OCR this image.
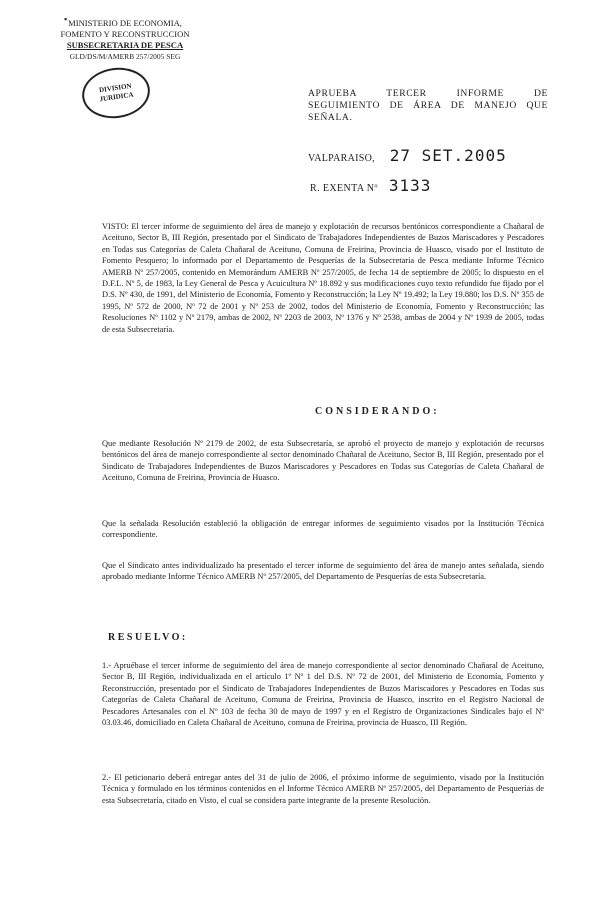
▪ MINISTERIO DE ECONOMIA,
FOMENTO Y RECONSTRUCCION
SUBSECRETARIA DE PESCA
GLD/DS/M/AMERB 257/2005 SEG
DIVISION
JURIDICA	APRUEBA TERCER INFORME DE
SEGUIMIENTO DE ÁREA DE MANEJO QUE
SEÑALA.
VALPARAISO, 27 SET.2005
R. EXENTA Nº 3133

VISTO: El tercer informe de seguimiento del área de manejo y explotación de recursos bentónicos correspondiente a Chañaral de Aceituno, Sector B, III Región, presentado por el Sindicato de Trabajadores Independientes de Buzos Mariscadores y Pescadores en Todas sus Categorías de Caleta Chañaral de Aceituno, Comuna de Freirina, Provincia de Huasco, visado por el Instituto de Fomento Pesquero; lo informado por el Departamento de Pesquerías de la Subsecretaría de Pesca mediante Informe Técnico AMERB Nº 257/2005, contenido en Memorándum AMERB Nº 257/2005, de fecha 14 de septiembre de 2005; lo dispuesto en el D.F.L. Nº 5, de 1983, la Ley General de Pesca y Acuicultura Nº 18.892 y sus modificaciones cuyo texto refundido fue fijado por el D.S. Nº 430, de 1991, del Ministerio de Economía, Fomento y Reconstrucción; la Ley Nº 19.492; la Ley 19.880; los D.S. Nº 355 de 1995, Nº 572 de 2000, Nº 72 de 2001 y Nº 253 de 2002, todos del Ministerio de Economía, Fomento y Reconstrucción; las Resoluciones Nº 1102 y Nº 2179, ambas de 2002, Nº 2203 de 2003, Nº 1376 y Nº 2538, ambas de 2004 y Nº 1939 de 2005, todas de esta Subsecretaría.

CONSIDERANDO:

Que mediante Resolución Nº 2179 de 2002, de esta Subsecretaría, se aprobó el proyecto de manejo y explotación de recursos bentónicos del área de manejo correspondiente al sector denominado Chañaral de Aceituno, Sector B, III Región, presentado por el Sindicato de Trabajadores Independientes de Buzos Mariscadores y Pescadores en Todas sus Categorías de Caleta Chañaral de Aceituno, Comuna de Freirina, Provincia de Huasco.

Que la señalada Resolución estableció la obligación de entregar informes de seguimiento visados por la Institución Técnica correspondiente.

Que el Sindicato antes individualizado ha presentado el tercer informe de seguimiento del área de manejo antes señalada, siendo aprobado mediante Informe Técnico AMERB Nº 257/2005, del Departamento de Pesquerías de esta Subsecretaría.

RESUELVO:

1.- Apruébase el tercer informe de seguimiento del área de manejo correspondiente al sector denominado Chañaral de Aceituno, Sector B, III Región, individualizada en el artículo 1º Nº 1 del D.S. Nº 72 de 2001, del Ministerio de Economía, Fomento y Reconstrucción, presentado por el Sindicato de Trabajadores Independientes de Buzos Mariscadores y Pescadores en Todas sus Categorías de Caleta Chañaral de Aceituno, Comuna de Freirina, Provincia de Huasco, inscrito en el Registro Nacional de Pescadores Artesanales con el Nº 103 de fecha 30 de mayo de 1997 y en el Registro de Organizaciones Sindicales bajo el Nº 03.03.46, domiciliado en Caleta Chañaral de Aceituno, comuna de Freirina, provincia de Huasco, III Región.

2.- El peticionario deberá entregar antes del 31 de julio de 2006, el próximo informe de seguimiento, visado por la Institución Técnica y formulado en los términos contenidos en el Informe Técnico AMERB Nº 257/2005, del Departamento de Pesquerías de esta Subsecretaría, citado en Visto, el cual se considera parte integrante de la presente Resolución.
